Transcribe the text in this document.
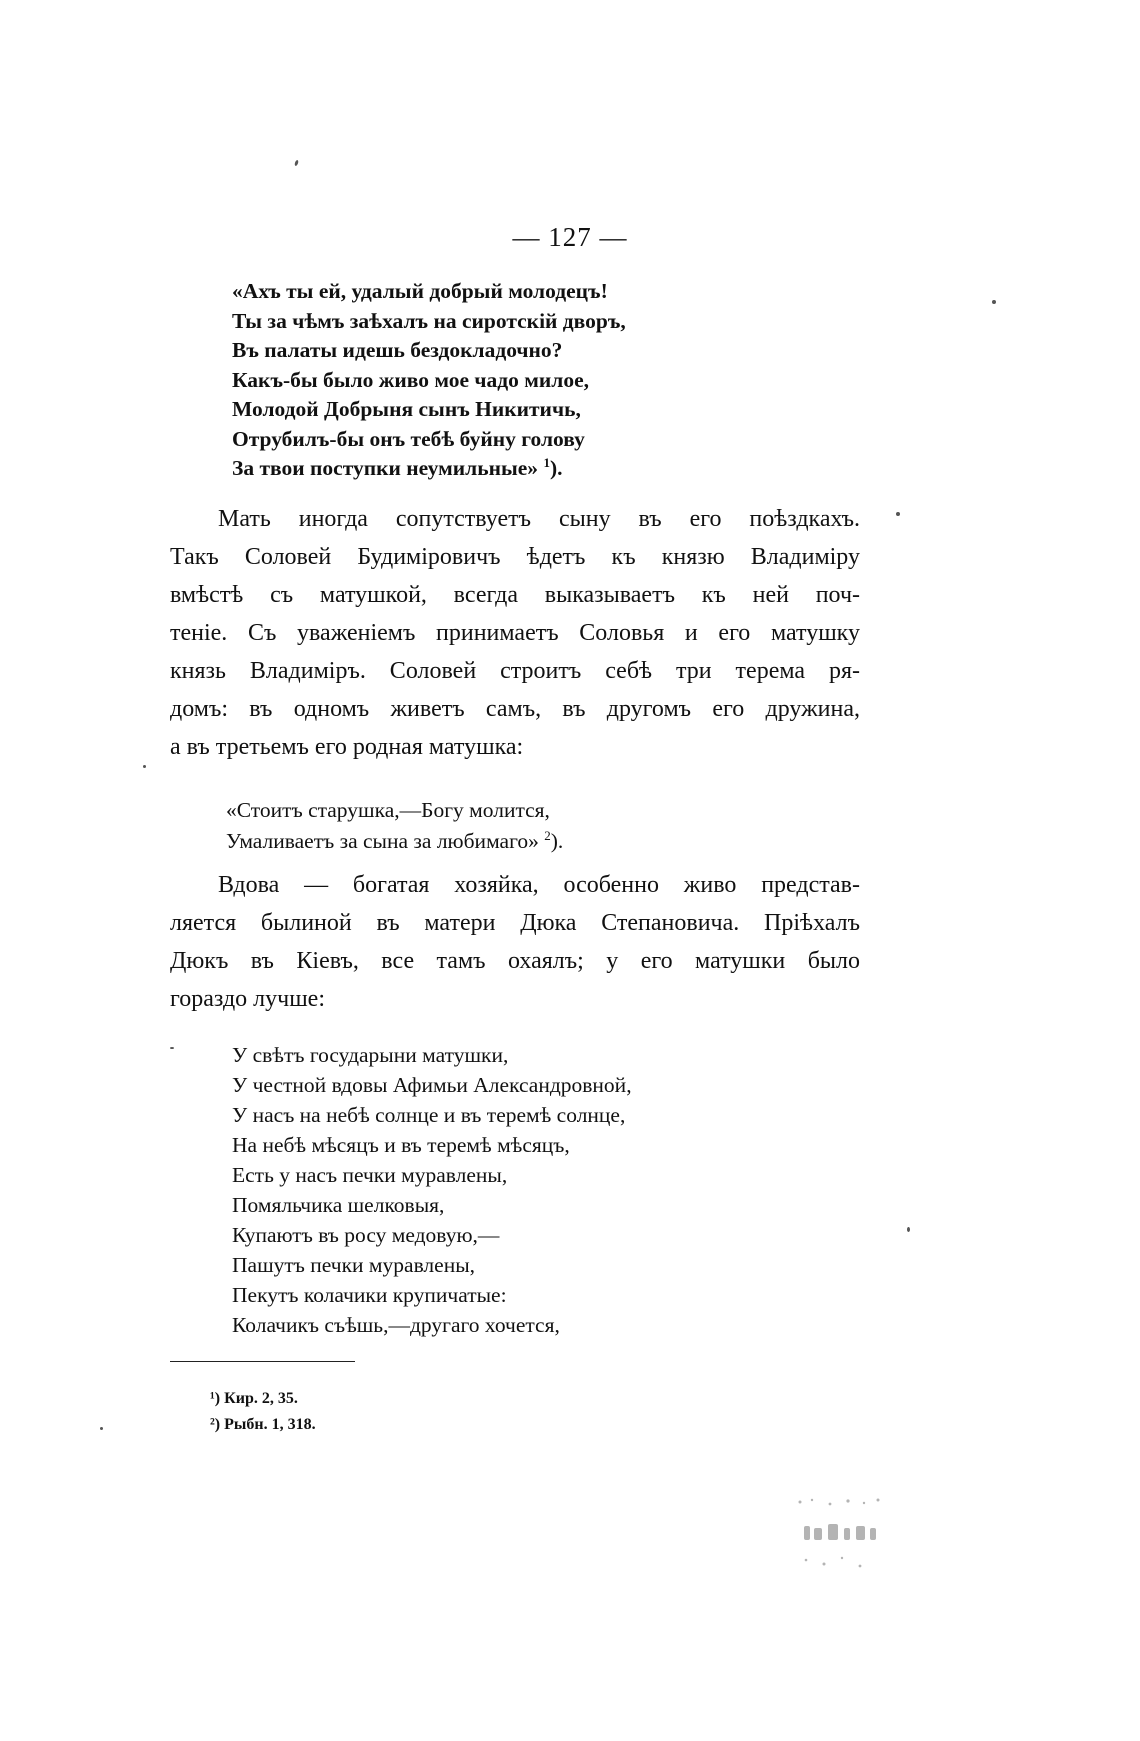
— 127 —
«Ахъ ты ей, удалый добрый молодецъ!
Ты за чѣмъ заѣхалъ на сиротскій дворъ,
Въ палаты идешь бездокладочно?
Какъ-бы было живо мое чадо милое,
Молодой Добрыня сынъ Никитичь,
Отрубилъ-бы онъ тебѣ буйну голову
За твои поступки неумильные» $^1$).
Мать иногда сопутствуетъ сыну въ его поѣздкахъ.
Такъ Соловей Будиміровичъ ѣдетъ къ князю Владиміру
вмѣстѣ съ матушкой, всегда выказываетъ къ ней поч-
теніе. Съ уваженіемъ принимаетъ Соловья и его матушку
князь Владиміръ. Соловей строитъ себѣ три терема ря-
домъ: въ одномъ живетъ самъ, въ другомъ его дружина,
а въ третьемъ его родная матушка:
«Стоитъ старушка,—Богу молится,
Умаливаетъ за сына за любимаго» $^2$).
Вдова — богатая хозяйка, особенно живо представ-
ляется былиной въ матери Дюка Степановича. Пріѣхалъ
Дюкъ въ Кіевъ, все тамъ охаялъ; у его матушки было
гораздо лучше:
У свѣтъ государыни матушки,
У честной вдовы Афимьи Александровной,
У насъ на небѣ солнце и въ теремѣ солнце,
На небѣ мѣсяцъ и въ теремѣ мѣсяцъ,
Есть у насъ печки муравлены,
Помяльчика шелковыя,
Купаютъ въ росу медовую,—
Пашутъ печки муравлены,
Пекутъ колачики крупичатые:
Колачикъ съѣшь,—другаго хочется,
¹) Кир. 2, 35.
²) Рыбн. 1, 318.
